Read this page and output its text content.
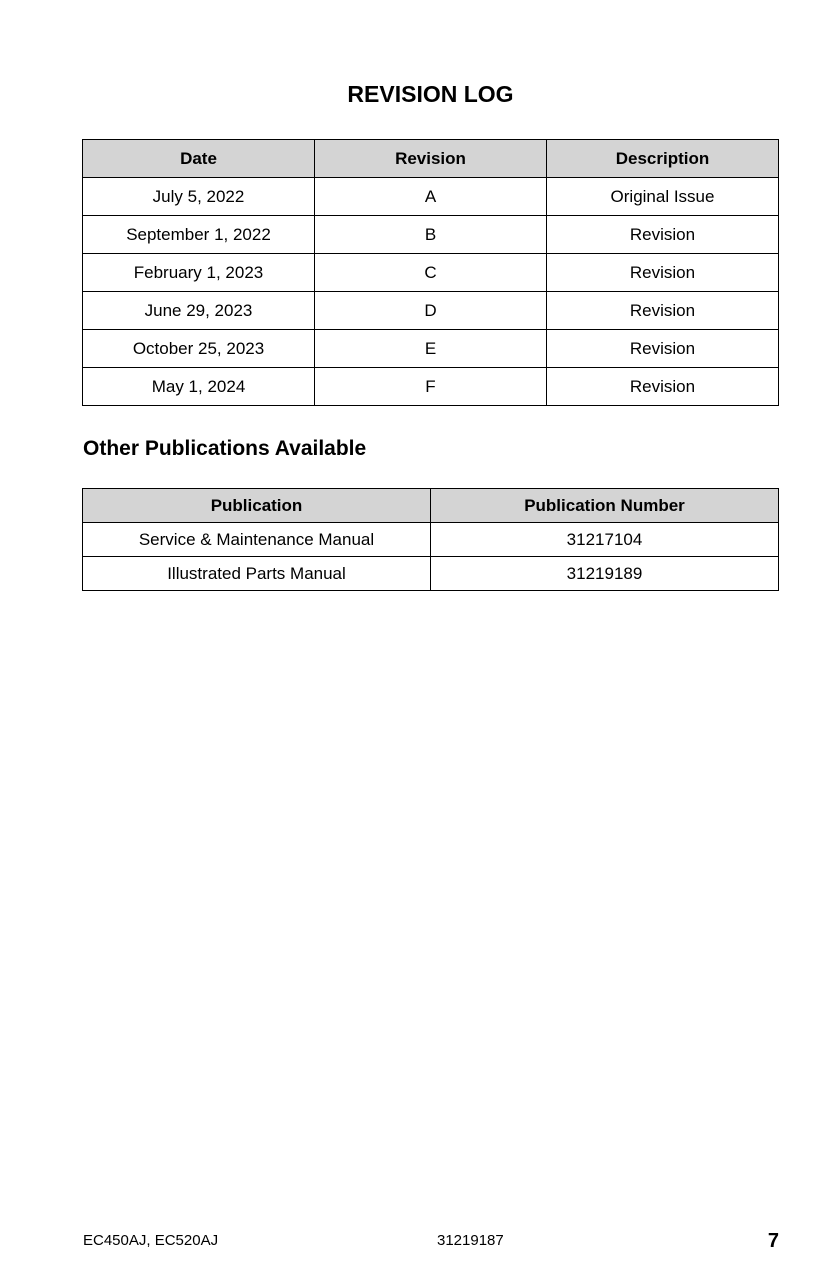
REVISION LOG
Date	Revision	Description
July 5, 2022	A	Original Issue
September 1, 2022	B	Revision
February 1, 2023	C	Revision
June 29, 2023	D	Revision
October 25, 2023	E	Revision
May 1, 2024	F	Revision
Other Publications Available
Publication	Publication Number
Service & Maintenance Manual	31217104
Illustrated Parts Manual	31219189
EC450AJ, EC520AJ	31219187	7
